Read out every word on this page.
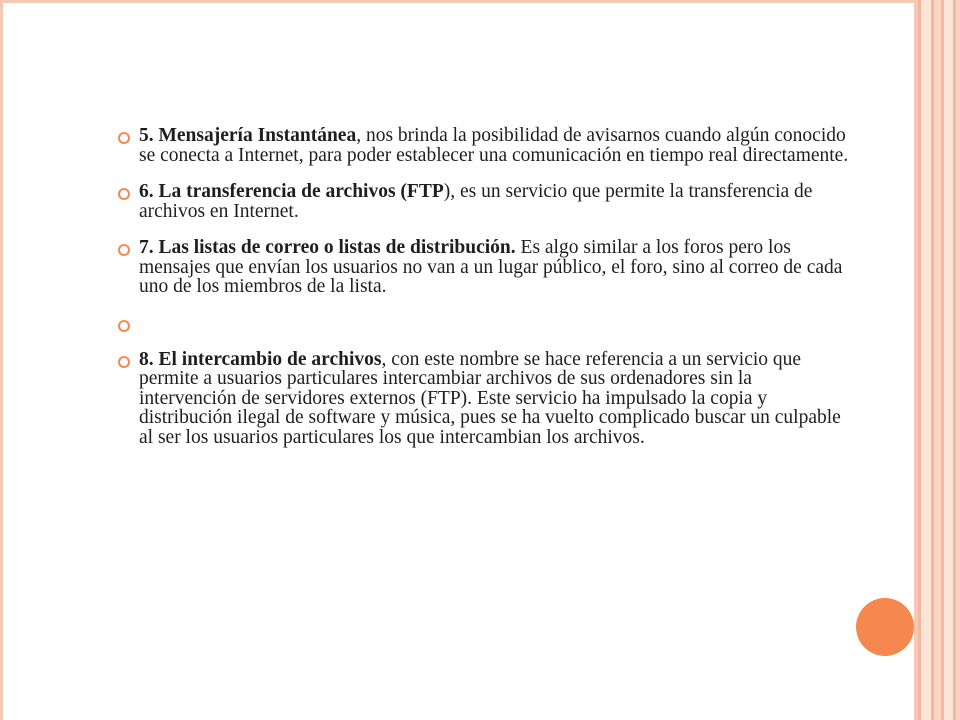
5. Mensajería Instantánea, nos brinda la posibilidad de avisarnos cuando algún conocido se conecta a Internet, para poder establecer una comunicación en tiempo real directamente.
6. La transferencia de archivos (FTP), es un servicio que permite la transferencia de archivos en Internet.
7. Las listas de correo o listas de distribución. Es algo similar a los foros pero los mensajes que envían los usuarios no van a un lugar público, el foro, sino al correo de cada uno de los miembros de la lista.
8. El intercambio de archivos, con este nombre se hace referencia a un servicio que permite a usuarios particulares intercambiar archivos de sus ordenadores sin la intervención de servidores externos (FTP). Este servicio ha impulsado la copia y distribución ilegal de software y música, pues se ha vuelto complicado buscar un culpable al ser los usuarios particulares los que intercambian los archivos.
